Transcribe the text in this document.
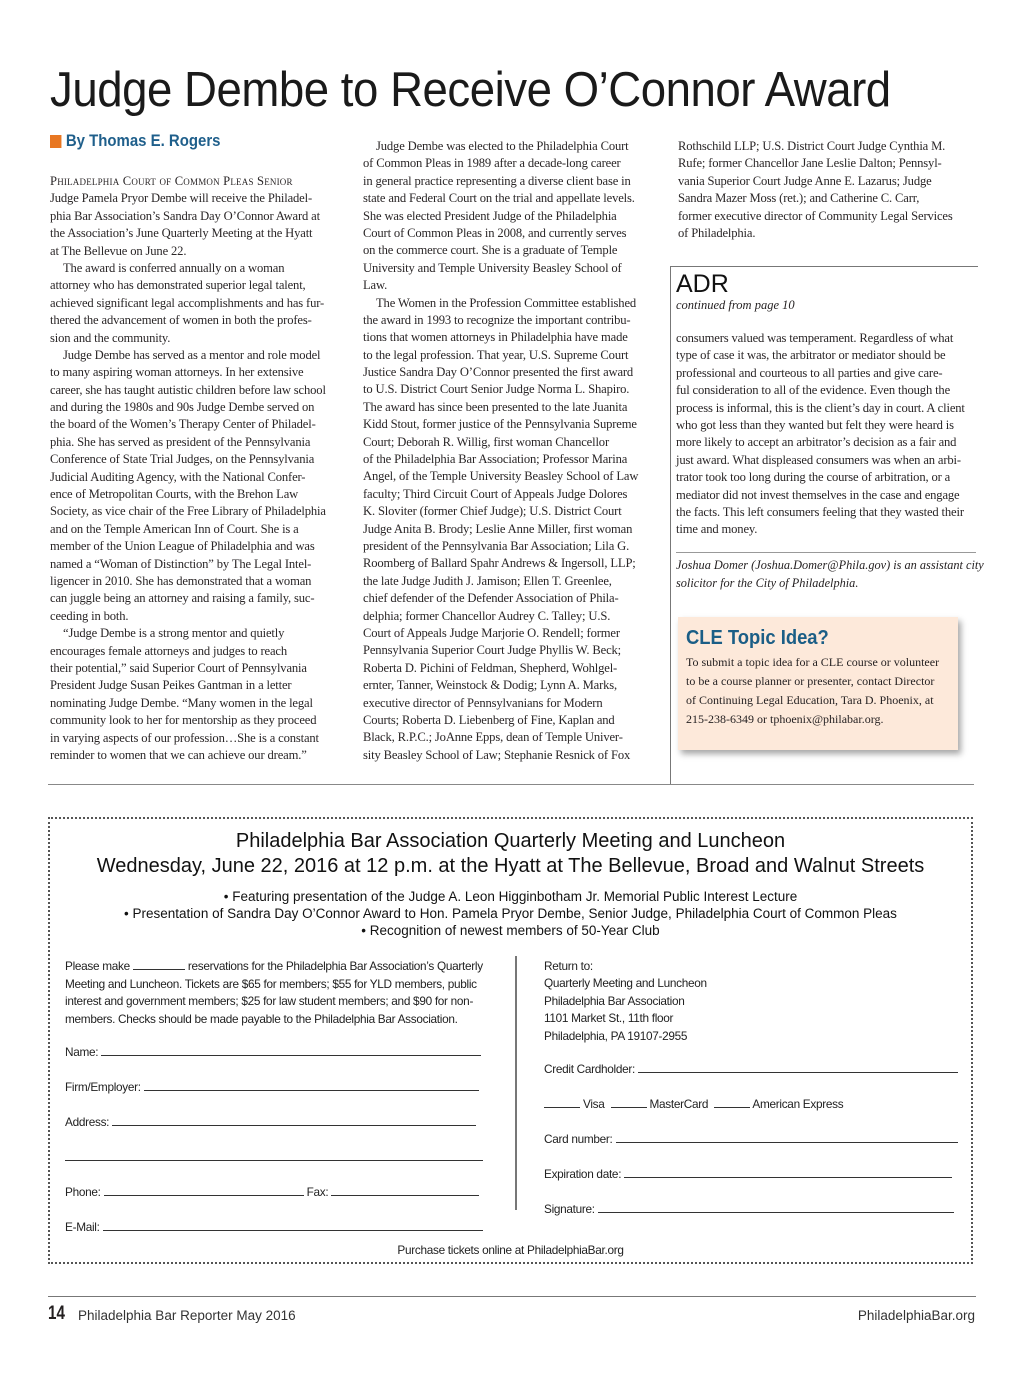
Judge Dembe to Receive O’Connor Award
By Thomas E. Rogers
Philadelphia Court of Common Pleas Senior
Judge Pamela Pryor Dembe will receive the Philadel-
phia Bar Association’s Sandra Day O’Connor Award at
the Association’s June Quarterly Meeting at the Hyatt
at The Bellevue on June 22.
The award is conferred annually on a woman
attorney who has demonstrated superior legal talent,
achieved significant legal accomplishments and has fur-
thered the advancement of women in both the profes-
sion and the community.
Judge Dembe has served as a mentor and role model
to many aspiring woman attorneys. In her extensive
career, she has taught autistic children before law school
and during the 1980s and 90s Judge Dembe served on
the board of the Women’s Therapy Center of Philadel-
phia. She has served as president of the Pennsylvania
Conference of State Trial Judges, on the Pennsylvania
Judicial Auditing Agency, with the National Confer-
ence of Metropolitan Courts, with the Brehon Law
Society, as vice chair of the Free Library of Philadelphia
and on the Temple American Inn of Court. She is a
member of the Union League of Philadelphia and was
named a “Woman of Distinction” by The Legal Intel-
ligencer in 2010. She has demonstrated that a woman
can juggle being an attorney and raising a family, suc-
ceeding in both.
“Judge Dembe is a strong mentor and quietly
encourages female attorneys and judges to reach
their potential,” said Superior Court of Pennsylvania
President Judge Susan Peikes Gantman in a letter
nominating Judge Dembe. “Many women in the legal
community look to her for mentorship as they proceed
in varying aspects of our profession…She is a constant
reminder to women that we can achieve our dream.”
Judge Dembe was elected to the Philadelphia Court
of Common Pleas in 1989 after a decade-long career
in general practice representing a diverse client base in
state and Federal Court on the trial and appellate levels.
She was elected President Judge of the Philadelphia
Court of Common Pleas in 2008, and currently serves
on the commerce court. She is a graduate of Temple
University and Temple University Beasley School of
Law.
The Women in the Profession Committee established
the award in 1993 to recognize the important contribu-
tions that women attorneys in Philadelphia have made
to the legal profession. That year, U.S. Supreme Court
Justice Sandra Day O’Connor presented the first award
to U.S. District Court Senior Judge Norma L. Shapiro.
The award has since been presented to the late Juanita
Kidd Stout, former justice of the Pennsylvania Supreme
Court; Deborah R. Willig, first woman Chancellor
of the Philadelphia Bar Association; Professor Marina
Angel, of the Temple University Beasley School of Law
faculty; Third Circuit Court of Appeals Judge Dolores
K. Sloviter (former Chief Judge); U.S. District Court
Judge Anita B. Brody; Leslie Anne Miller, first woman
president of the Pennsylvania Bar Association; Lila G.
Roomberg of Ballard Spahr Andrews & Ingersoll, LLP;
the late Judge Judith J. Jamison; Ellen T. Greenlee,
chief defender of the Defender Association of Phila-
delphia; former Chancellor Audrey C. Talley; U.S.
Court of Appeals Judge Marjorie O. Rendell; former
Pennsylvania Superior Court Judge Phyllis W. Beck;
Roberta D. Pichini of Feldman, Shepherd, Wohlgel-
ernter, Tanner, Weinstock & Dodig; Lynn A. Marks,
executive director of Pennsylvanians for Modern
Courts; Roberta D. Liebenberg of Fine, Kaplan and
Black, R.P.C.; JoAnne Epps, dean of Temple Univer-
sity Beasley School of Law; Stephanie Resnick of Fox
Rothschild LLP; U.S. District Court Judge Cynthia M.
Rufe; former Chancellor Jane Leslie Dalton; Pennsyl-
vania Superior Court Judge Anne E. Lazarus; Judge
Sandra Mazer Moss (ret.); and Catherine C. Carr,
former executive director of Community Legal Services
of Philadelphia.
ADR
continued from page 10
consumers valued was temperament. Regardless of what
type of case it was, the arbitrator or mediator should be
professional and courteous to all parties and give care-
ful consideration to all of the evidence. Even though the
process is informal, this is the client’s day in court. A client
who got less than they wanted but felt they were heard is
more likely to accept an arbitrator’s decision as a fair and
just award. What displeased consumers was when an arbi-
trator took too long during the course of arbitration, or a
mediator did not invest themselves in the case and engage
the facts. This left consumers feeling that they wasted their
time and money.
Joshua Domer (Joshua.Domer@Phila.gov) is an assistant city
solicitor for the City of Philadelphia.
CLE Topic Idea?
To submit a topic idea for a CLE course or volunteer
to be a course planner or presenter, contact Director
of Continuing Legal Education, Tara D. Phoenix, at
215-238-6349 or tphoenix@philabar.org.
Philadelphia Bar Association Quarterly Meeting and Luncheon
Wednesday, June 22, 2016 at 12 p.m. at the Hyatt at The Bellevue, Broad and Walnut Streets
• Featuring presentation of the Judge A. Leon Higginbotham Jr. Memorial Public Interest Lecture
• Presentation of Sandra Day O’Connor Award to Hon. Pamela Pryor Dembe, Senior Judge, Philadelphia Court of Common Pleas
• Recognition of newest members of 50-Year Club
Please make	reservations for the Philadelphia Bar Association’s Quarterly
Meeting and Luncheon. Tickets are $65 for members; $55 for YLD members, public
interest and government members; $25 for law student members; and $90 for non-
members. Checks should be made payable to the Philadelphia Bar Association.
Name:
Firm/Employer:
Address:
Phone:	Fax:
E-Mail:
Return to:
Quarterly Meeting and Luncheon
Philadelphia Bar Association
1101 Market St., 11th floor
Philadelphia, PA 19107-2955
Credit Cardholder:
Visa	MasterCard	American Express
Card number:
Expiration date:
Signature:
Purchase tickets online at PhiladelphiaBar.org
14 Philadelphia Bar Reporter May 2016	PhiladelphiaBar.org
